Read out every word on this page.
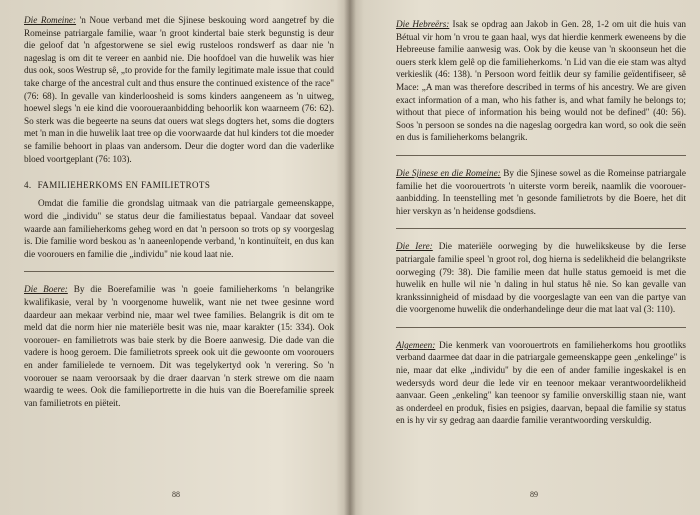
Die Romeine: 'n Noue verband met die Sjinese beskouing word aangetref by die Romeinse patriargale familie, waar 'n groot kindertal baie sterk begunstig is deur die geloof dat 'n afgestorwene se siel ewig rusteloos rondswerf as daar nie 'n nageslag is om dit te vereer en aanbid nie. Die hoofdoel van die huwelik was hier dus ook, soos Westrup sê, „to provide for the family legitimate male issue that could take charge of the ancestral cult and thus ensure the continued existence of the race" (76: 68). In gevalle van kinderloosheid is soms kinders aangeneem as 'n uitweg, hoewel slegs 'n eie kind die vooroueraanbidding behoorlik kon waarneem (76: 62). So sterk was die begeerte na seuns dat ouers wat slegs dogters het, soms die dogters met 'n man in die huwelik laat tree op die voorwaarde dat hul kinders tot die moeder se familie behoort in plaas van andersom. Deur die dogter word dan die vaderlike bloed voortgeplant (76: 103).

4. FAMILIEHERKOMS EN FAMILIETROTS

Omdat die familie die grondslag uitmaak van die patriargale gemeenskappe, word die „individu" se status deur die familiestatus bepaal. Vandaar dat soveel waarde aan familieherkoms geheg word en dat 'n persoon so trots op sy voorgeslag is. Die familie word beskou as 'n aaneenlopende verband, 'n kontinuïteit, en dus kan die voorouers en familie die „individu" nie koud laat nie.

Die Boere: By die Boerefamilie was 'n goeie familieherkoms 'n belangrike kwalifikasie, veral by 'n voorgenome huwelik, want nie net twee gesinne word daardeur aan mekaar verbind nie, maar wel twee families. Belangrik is dit om te meld dat die norm hier nie materiële besit was nie, maar karakter (15: 334). Ook voorouer- en familietrots was baie sterk by die Boere aanwesig. Die dade van die vadere is hoog geroem. Die familietrots spreek ook uit die gewoonte om voorouers en ander familielede te vernoem. Dit was tegelykertyd ook 'n verering. So 'n voorouer se naam veroorsaak by die draer daarvan 'n sterk strewe om die naam waardig te wees. Ook die familieportrette in die huis van die Boerefamilie spreek van familietrots en piëteit.

88

Die Hebreërs: Isak se opdrag aan Jakob in Gen. 28, 1-2 om uit die huis van Bétual vir hom 'n vrou te gaan haal, wys dat hierdie kenmerk eweneens by die Hebreeuse familie aanwesig was. Ook by die keuse van 'n skoonseun het die ouers sterk klem gelê op die familieherkoms. 'n Lid van die eie stam was altyd verkieslik (46: 138). 'n Persoon word feitlik deur sy familie geïdentifiseer, sê Mace: „A man was therefore described in terms of his ancestry. We are given exact information of a man, who his father is, and what family he belongs to; without that piece of information his being would not be defined" (40: 56). Soos 'n persoon se sondes na die nageslag oorgedra kan word, so ook die seën en dus is familieherkoms belangrik.

Die Sjinese en die Romeine: By die Sjinese sowel as die Romeinse patriargale familie het die voorouertrots 'n uiterste vorm bereik, naamlik die vooroueraanbidding. In teenstelling met 'n gesonde familietrots by die Boere, het dit hier verskyn as 'n heidense godsdiens.

Die Iere: Die materiële oorweging by die huwelikskeuse by die Ierse patriargale familie speel 'n groot rol, dog hierna is sedelikheid die belangrikste oorweging (79: 38). Die familie meen dat hulle status gemoeid is met die huwelik en hulle wil nie 'n daling in hul status hê nie. So kan gevalle van krankssinnigheid of misdaad by die voorgeslagte van een van die partye van die voorgenome huwelik die onderhandelinge deur die mat laat val (3: 110).

Algemeen: Die kenmerk van voorouertrots en familieherkoms hou grootliks verband daarmee dat daar in die patriargale gemeenskappe geen „enkelinge" is nie, maar dat elke „individu" by die een of ander familie ingeskakel is en wedersyds word deur die lede vir en teenoor mekaar verantwoordelikheid aanvaar. Geen „enkeling" kan teenoor sy familie onverskillig staan nie, want as onderdeel en produk, fisies en psigies, daarvan, bepaal die familie sy status en is hy vir sy gedrag aan daardie familie verantwoording verskuldig.

89
